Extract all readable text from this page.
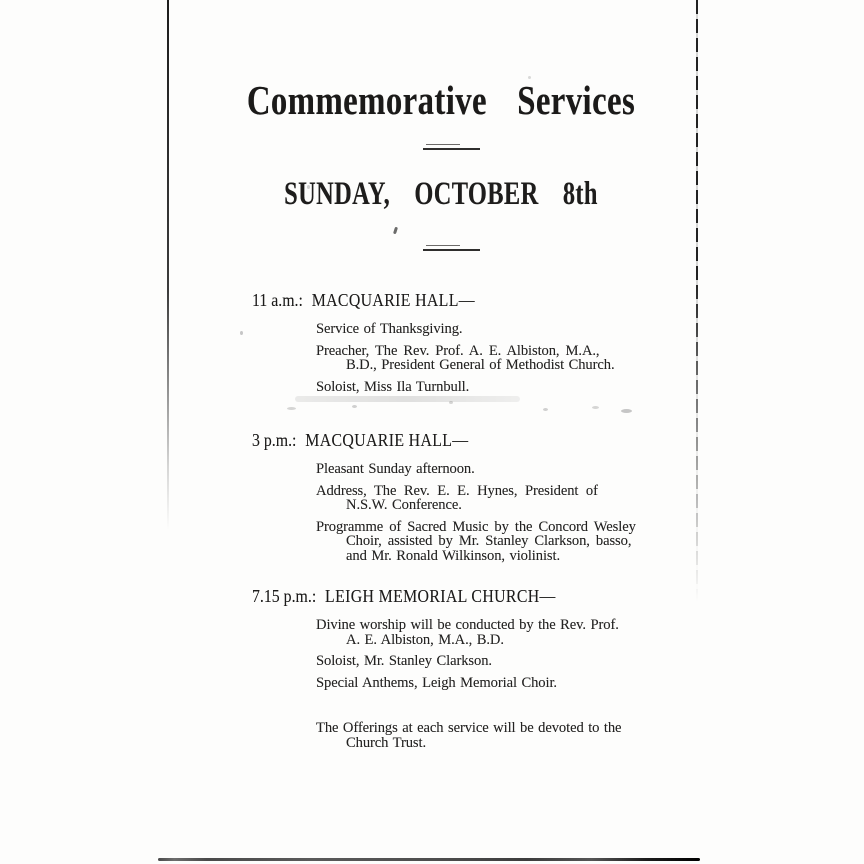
Commemorative Services
SUNDAY, OCTOBER 8th
11 a.m.: MACQUARIE HALL—
Service of Thanksgiving.
Preacher, The Rev. Prof. A. E. Albiston, M.A.,
B.D., President General of Methodist Church.
Soloist, Miss Ila Turnbull.
3 p.m.: MACQUARIE HALL—
Pleasant Sunday afternoon.
Address, The Rev. E. E. Hynes, President of
N.S.W. Conference.
Programme of Sacred Music by the Concord Wesley
Choir, assisted by Mr. Stanley Clarkson, basso,
and Mr. Ronald Wilkinson, violinist.
7.15 p.m.: LEIGH MEMORIAL CHURCH—
Divine worship will be conducted by the Rev. Prof.
A. E. Albiston, M.A., B.D.
Soloist, Mr. Stanley Clarkson.
Special Anthems, Leigh Memorial Choir.
The Offerings at each service will be devoted to the
Church Trust.
